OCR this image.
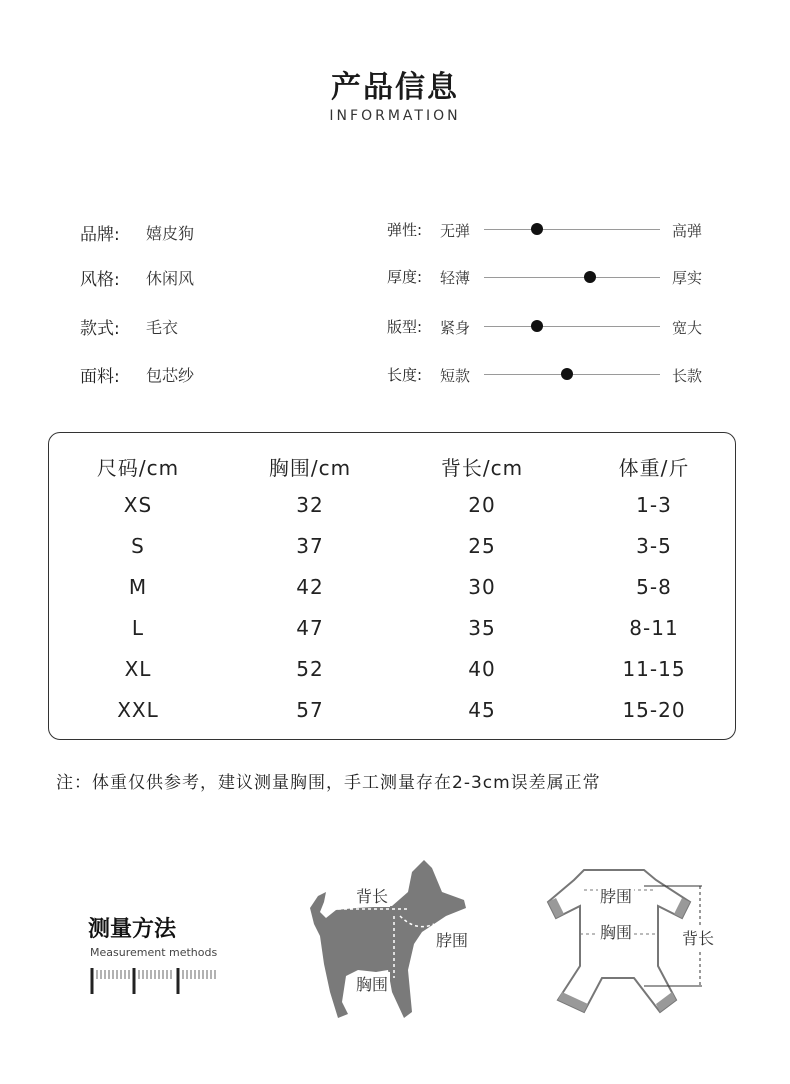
产品信息
INFORMATION
品牌: 嬉皮狗
风格: 休闲风
款式: 毛衣
面料: 包芯纱
弹性: 无弹	高弹
厚度: 轻薄	厚实
版型: 紧身	宽大
长度: 短款	长款
尺码/cm	胸围/cm	背长/cm	体重/斤
XS	32	20	1-3
S	37	25	3-5
M	42	30	5-8
L	47	35	8-11
XL	52	40	11-15
XXL	57	45	15-20
注：体重仅供参考，建议测量胸围，手工测量存在2-3cm误差属正常
测量方法
Measurement methods
背长
脖围
胸围
脖围
胸围	背长
